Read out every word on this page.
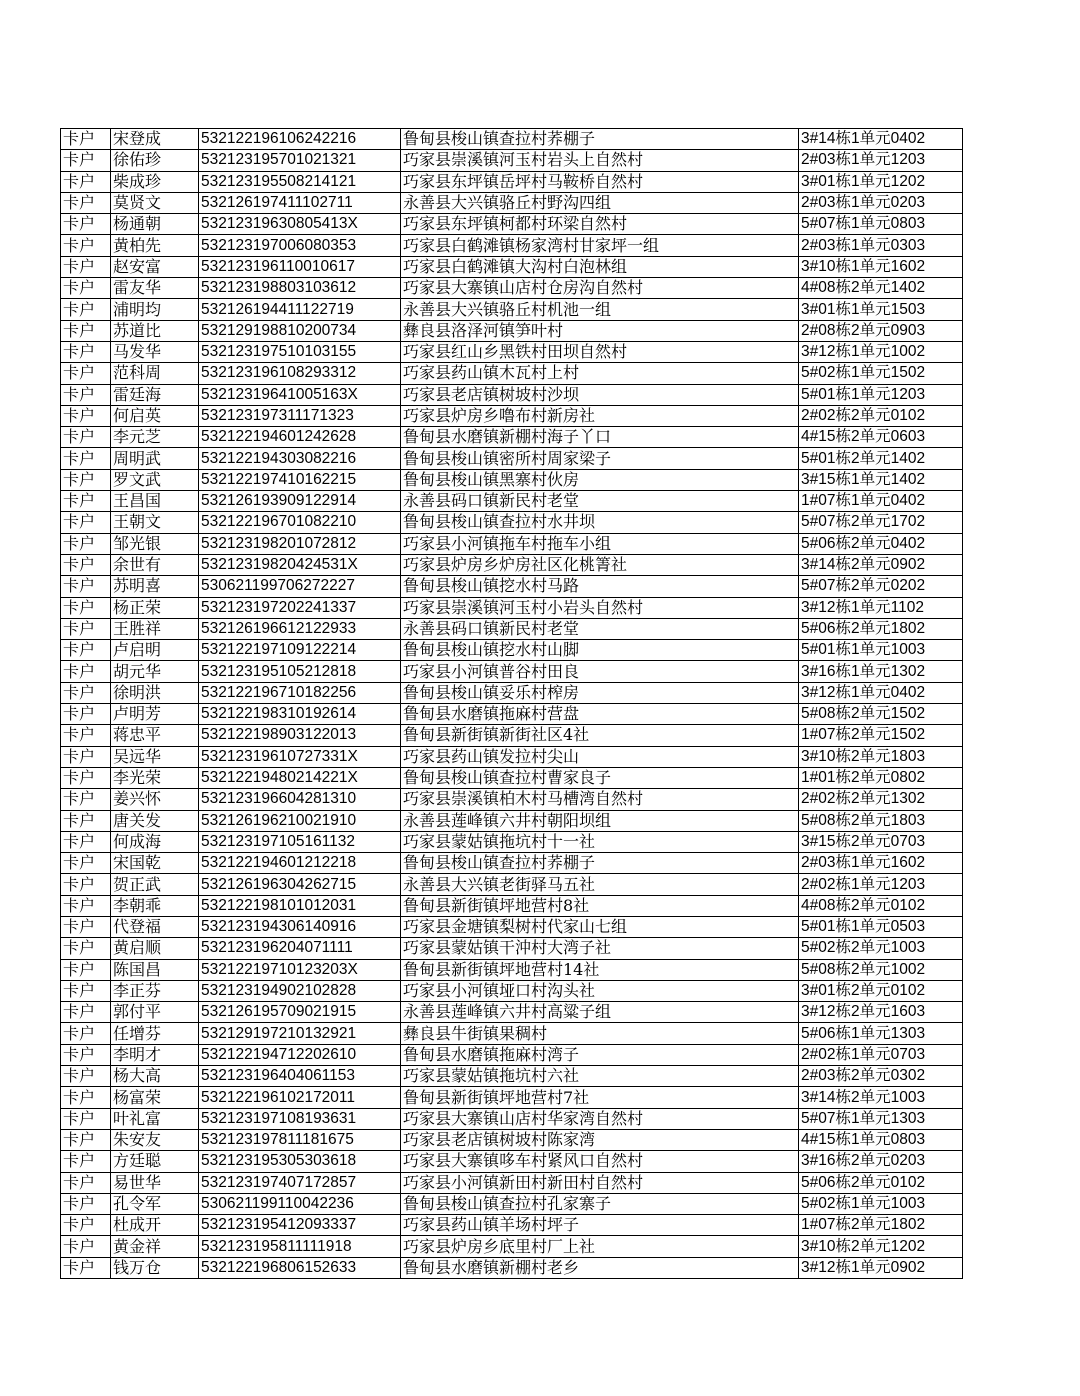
卡户	宋登成	532122196106242216	鲁甸县梭山镇查拉村荞棚子	3#14栋1单元0402
卡户	徐佑珍	532123195701021321	巧家县崇溪镇河玉村岩头上自然村	2#03栋1单元1203
卡户	柴成珍	532123195508214121	巧家县东坪镇岳坪村马鞍桥自然村	3#01栋1单元1202
卡户	莫贤文	532126197411102711	永善县大兴镇骆丘村野沟四组	2#03栋1单元0203
卡户	杨通朝	53212319630805413X	巧家县东坪镇柯都村环梁自然村	5#07栋1单元0803
卡户	黄柏先	532123197006080353	巧家县白鹤滩镇杨家湾村甘家坪一组	2#03栋1单元0303
卡户	赵安富	532123196110010617	巧家县白鹤滩镇大沟村白泡林组	3#10栋1单元1602
卡户	雷友华	532123198803103612	巧家县大寨镇山店村仓房沟自然村	4#08栋2单元1402
卡户	浦明均	532126194411122719	永善县大兴镇骆丘村机池一组	3#01栋1单元1503
卡户	苏道比	532129198810200734	彝良县洛泽河镇笋叶村	2#08栋2单元0903
卡户	马发华	532123197510103155	巧家县红山乡黑铁村田坝自然村	3#12栋1单元1002
卡户	范科周	532123196108293312	巧家县药山镇木瓦村上村	5#02栋1单元1502
卡户	雷廷海	53212319641005163X	巧家县老店镇树坡村沙坝	5#01栋1单元1203
卡户	何启英	532123197311171323	巧家县炉房乡噜布村新房社	2#02栋2单元0102
卡户	李元芝	532122194601242628	鲁甸县水磨镇新棚村海子丫口	4#15栋2单元0603
卡户	周明武	532122194303082216	鲁甸县梭山镇密所村周家梁子	5#01栋2单元1402
卡户	罗文武	532122197410162215	鲁甸县梭山镇黑寨村伙房	3#15栋1单元1402
卡户	王昌国	532126193909122914	永善县码口镇新民村老堂	1#07栋1单元0402
卡户	王朝文	532122196701082210	鲁甸县梭山镇查拉村水井坝	5#07栋2单元1702
卡户	邹光银	532123198201072812	巧家县小河镇拖车村拖车小组	5#06栋2单元0402
卡户	余世有	53212319820424531X	巧家县炉房乡炉房社区化桃箐社	3#14栋2单元0902
卡户	苏明喜	530621199706272227	鲁甸县梭山镇挖水村马路	5#07栋2单元0202
卡户	杨正荣	532123197202241337	巧家县崇溪镇河玉村小岩头自然村	3#12栋1单元1102
卡户	王胜祥	532126196612122933	永善县码口镇新民村老堂	5#06栋2单元1802
卡户	卢启明	532122197109122214	鲁甸县梭山镇挖水村山脚	5#01栋1单元1003
卡户	胡元华	532123195105212818	巧家县小河镇普谷村田良	3#16栋1单元1302
卡户	徐明洪	532122196710182256	鲁甸县梭山镇妥乐村榨房	3#12栋1单元0402
卡户	卢明芳	532122198310192614	鲁甸县水磨镇拖麻村营盘	5#08栋2单元1502
卡户	蒋忠平	532122198903122013	鲁甸县新街镇新街社区4社	1#07栋2单元1502
卡户	吴远华	53212319610727331X	巧家县药山镇发拉村尖山	3#10栋2单元1803
卡户	李光荣	53212219480214221X	鲁甸县梭山镇查拉村曹家良子	1#01栋2单元0802
卡户	姜兴怀	532123196604281310	巧家县崇溪镇柏木村马槽湾自然村	2#02栋2单元1302
卡户	唐关发	532126196210021910	永善县莲峰镇六井村朝阳坝组	5#08栋2单元1803
卡户	何成海	532123197105161132	巧家县蒙姑镇拖坑村十一社	3#15栋2单元0703
卡户	宋国乾	532122194601212218	鲁甸县梭山镇查拉村荞棚子	2#03栋1单元1602
卡户	贺正武	532126196304262715	永善县大兴镇老街驿马五社	2#02栋1单元1203
卡户	李朝乖	532122198101012031	鲁甸县新街镇坪地营村8社	4#08栋2单元0102
卡户	代登福	532123194306140916	巧家县金塘镇梨树村代家山七组	5#01栋1单元0503
卡户	黄启顺	532123196204071111	巧家县蒙姑镇干沖村大湾子社	5#02栋2单元1003
卡户	陈国昌	53212219710123203X	鲁甸县新街镇坪地营村14社	5#08栋2单元1002
卡户	李正芬	532123194902102828	巧家县小河镇垭口村沟头社	3#01栋2单元0102
卡户	郭付平	532126195709021915	永善县莲峰镇六井村高粱子组	3#12栋2单元1603
卡户	任增芬	532129197210132921	彝良县牛街镇果稠村	5#06栋1单元1303
卡户	李明才	532122194712202610	鲁甸县水磨镇拖麻村湾子	2#02栋1单元0703
卡户	杨大高	532123196404061153	巧家县蒙姑镇拖坑村六社	2#03栋2单元0302
卡户	杨富荣	532122196102172011	鲁甸县新街镇坪地营村7社	3#14栋2单元1003
卡户	叶礼富	532123197108193631	巧家县大寨镇山店村华家湾自然村	5#07栋1单元1303
卡户	朱安友	532123197811181675	巧家县老店镇树坡村陈家湾	4#15栋1单元0803
卡户	方廷聪	532123195305303618	巧家县大寨镇哆车村紧风口自然村	3#16栋2单元0203
卡户	易世华	532123197407172857	巧家县小河镇新田村新田村自然村	5#06栋2单元0102
卡户	孔令军	530621199110042236	鲁甸县梭山镇查拉村孔家寨子	5#02栋1单元1003
卡户	杜成开	532123195412093337	巧家县药山镇羊场村坪子	1#07栋2单元1802
卡户	黄金祥	532123195811111918	巧家县炉房乡底里村厂上社	3#10栋2单元1202
卡户	钱万仓	532122196806152633	鲁甸县水磨镇新棚村老乡	3#12栋1单元0902
